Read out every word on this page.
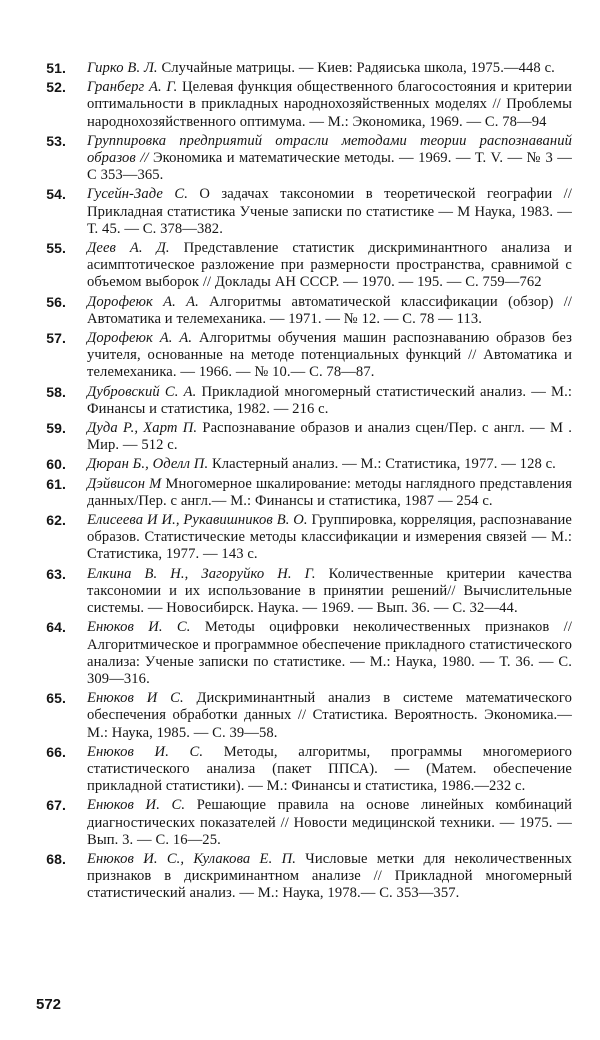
51. Гирко В. Л. Случайные матрицы. — Киев: Радяиська школа, 1975.—448 с.
52. Гранберг А. Г. Целевая функция общественного благосостояния и критерии оптимальности в прикладных народнохозяйственных моделях // Проблемы народнохозяйственного оптимума. — М.: Экономика, 1969. — С. 78—94
53. Группировка предприятий отрасли методами теории распознаваний образов // Экономика и математические методы. — 1969. — Т. V. — № 3 — С 353—365.
54. Гусейн-Заде С. О задачах таксономии в теоретической географии // Прикладная статистика Ученые записки по статистике — М Наука, 1983. — Т. 45. — С. 378—382.
55. Деев А. Д. Представление статистик дискриминантного анализа и асимптотическое разложение при размерности пространства, сравнимой с объемом выборок // Доклады АН СССР. — 1970. — 195. — С. 759—762
56. Дорофеюк А. А. Алгоритмы автоматической классификации (обзор) //Автоматика и телемеханика. — 1971. — № 12. — С. 78 — 113.
57. Дорофеюк А. А. Алгоритмы обучения машин распознаванию образов без учителя, основанные на методе потенциальных функций // Автоматика и телемеханика. — 1966. — № 10.— С. 78—87.
58. Дубровский С. А. Прикладиой многомерный статистический анализ. — М.: Финансы и статистика, 1982. — 216 с.
59. Дуда Р., Харт П. Распознавание образов и анализ сцен/Пер. с англ. — М . Мир. — 512 с.
60. Дюран Б., Оделл П. Кластерный анализ. — М.: Статистика, 1977. — 128 с.
61. Дэйвисон М Многомерное шкалирование: методы наглядного представления данных/Пер. с англ.— М.: Финансы и статистика, 1987 — 254 с.
62. Елисеева И И., Рукавишников В. О. Группировка, корреляция, распознавание образов. Статистические методы классификации и измерения связей — М.: Статистика, 1977. — 143 с.
63. Елкина В. Н., Загоруйко Н. Г. Количественные критерии качества таксономии и их использование в принятии решений// Вычислительные системы. — Новосибирск. Наука. — 1969. — Вып. 36. — С. 32—44.
64. Енюков И. С. Методы оцифровки неколичественных признаков // Алгоритмическое и программное обеспечение прикладного статистического анализа: Ученые записки по статистике. — М.: Наука, 1980. — Т. 36. — С. 309—316.
65. Енюков И С. Дискриминантный анализ в системе математического обеспечения обработки данных // Статистика. Вероятность. Экономика.— М.: Наука, 1985. — С. 39—58.
66. Енюков И. С. Методы, алгоритмы, программы многомериого статистического анализа (пакет ППСА). — (Матем. обеспечение прикладной статистики). — М.: Финансы и статистика, 1986.—232 с.
67. Енюков И. С. Решающие правила на основе линейных комбинаций диагностических показателей // Новости медицинской техники. — 1975. — Вып. 3. — С. 16—25.
68. Енюков И. С., Кулакова Е. П. Числовые метки для неколичественных признаков в дискриминантном анализе // Прикладной многомерный статистический анализ. — М.: Наука, 1978.— С. 353—357.
572
